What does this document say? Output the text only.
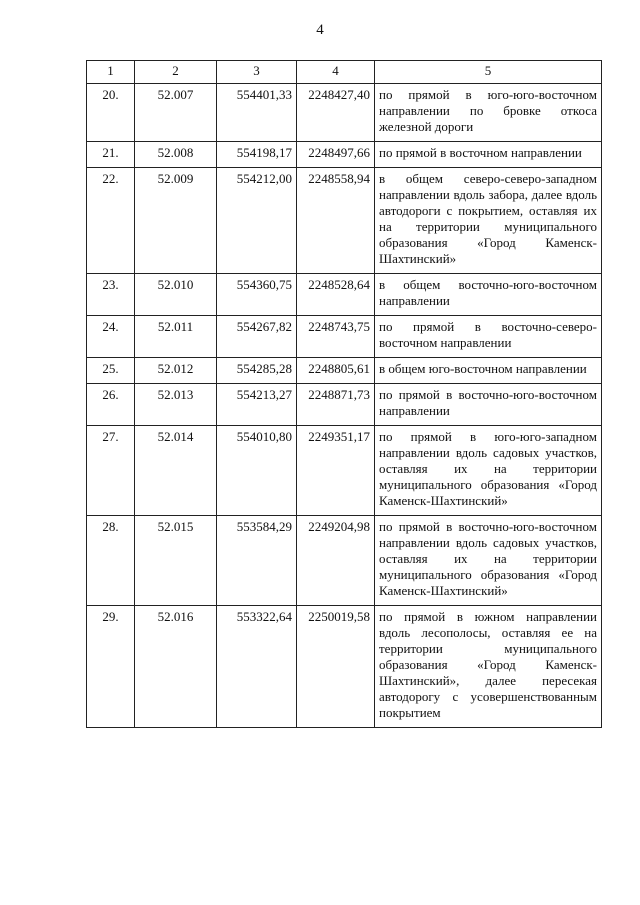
4
1	2	3	4	5
20.	52.007	554401,33	2248427,40	по прямой в юго-юго-восточном направлении по бровке откоса железной дороги
21.	52.008	554198,17	2248497,66	по прямой в восточном направлении
22.	52.009	554212,00	2248558,94	в общем северо-северо-западном направлении вдоль забора, далее вдоль автодороги с покрытием, оставляя их на территории муниципального образования «Город Каменск-Шахтинский»
23.	52.010	554360,75	2248528,64	в общем восточно-юго-восточном направлении
24.	52.011	554267,82	2248743,75	по прямой в восточно-северо-восточном направлении
25.	52.012	554285,28	2248805,61	в общем юго-восточном направлении
26.	52.013	554213,27	2248871,73	по прямой в восточно-юго-восточном направлении
27.	52.014	554010,80	2249351,17	по прямой в юго-юго-западном направлении вдоль садовых участков, оставляя их на территории муниципального образования «Город Каменск-Шахтинский»
28.	52.015	553584,29	2249204,98	по прямой в восточно-юго-восточном направлении вдоль садовых участков, оставляя их на территории муниципального образования «Город Каменск-Шахтинский»
29.	52.016	553322,64	2250019,58	по прямой в южном направлении вдоль лесополосы, оставляя ее на территории муниципального образования «Город Каменск-Шахтинский», далее пересекая автодорогу с усовершенствованным покрытием
